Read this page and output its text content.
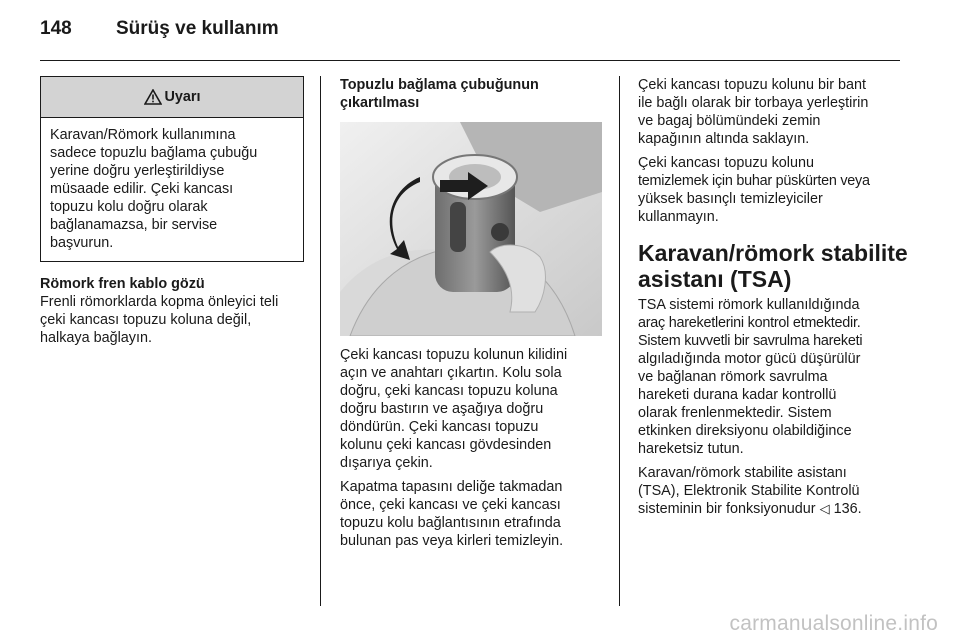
148 Sürüş ve kullanım
Uyarı

Karavan/Römork kullanımına

sadece topuzlu bağlama çubuğu

yerine doğru yerleştirildiyse

müsaade edilir. Çeki kancası

topuzu kolu doğru olarak

bağlanamazsa, bir servise

başvurun.

Römork fren kablo gözü

Frenli römorklarda kopma önleyici teli

çeki kancası topuzu koluna değil,

halkaya bağlayın.

Topuzlu bağlama çubuğunun

çıkartılması

Çeki kancası topuzu kolunun kilidini

açın ve anahtarı çıkartın. Kolu sola

doğru, çeki kancası topuzu koluna

doğru bastırın ve aşağıya doğru

döndürün. Çeki kancası topuzu

kolunu çeki kancası gövdesinden

dışarıya çekin.

Kapatma tapasını deliğe takmadan

önce, çeki kancası ve çeki kancası

topuzu kolu bağlantısının etrafında

bulunan pas veya kirleri temizleyin.

Çeki kancası topuzu kolunu bir bant

ile bağlı olarak bir torbaya yerleştirin

ve bagaj bölümündeki zemin

kapağının altında saklayın.

Çeki kancası topuzu kolunu

temizlemek için buhar püskürten veya

yüksek basınçlı temizleyiciler

kullanmayın.

Karavan/römork stabilite

asistanı (TSA)

TSA sistemi römork kullanıldığında

araç hareketlerini kontrol etmektedir.

Sistem kuvvetli bir savrulma hareketi

algıladığında motor gücü düşürülür

ve bağlanan römork savrulma

hareketi durana kadar kontrollü

olarak frenlenmektedir. Sistem

etkinken direksiyonu olabildiğince

hareketsiz tutun.

Karavan/römork stabilite asistanı

(TSA), Elektronik Stabilite Kontrolü

sisteminin bir fonksiyonudur ◁ 136.

carmanualsonline.info
